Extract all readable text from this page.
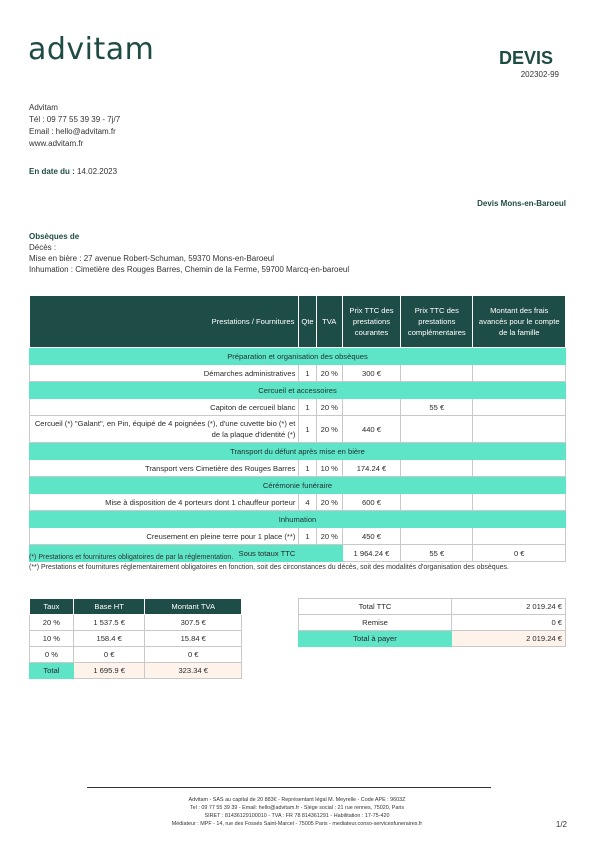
advitam	DEVIS
202302-99
Advitam
Tél : 09 77 55 39 39 - 7j/7
Email : hello@advitam.fr
www.advitam.fr
En date du : 14.02.2023
Devis Mons-en-Baroeul
Obsèques de
Décès :
Mise en bière : 27 avenue Robert-Schuman, 59370 Mons-en-Baroeul
Inhumation : Cimetière des Rouges Barres, Chemin de la Ferme, 59700 Marcq-en-baroeul
Prestations / Fournitures	Qte	TVA	Prix TTC des prestations courantes	Prix TTC des prestations complémentaires	Montant des frais avancés pour le compte de la famille
Préparation et organisation des obsèques					
Démarches administratives	1	20 %	300 €		
Cercueil et accessoires					
Capiton de cercueil blanc	1	20 %		55 €	
Cercueil (*) "Galant", en Pin, équipé de 4 poignées (*), d'une cuvette bio (*) et de la plaque d'identité (*)	1	20 %	440 €		
Transport du défunt après mise en bière					
Transport vers Cimetière des Rouges Barres	1	10 %	174.24 €		
Cérémonie funéraire					
Mise à disposition de 4 porteurs dont 1 chauffeur porteur	4	20 %	600 €		
Inhumation					
Creusement en pleine terre pour 1 place (**)	1	20 %	450 €		
Sous totaux TTC			1 964.24 €	55 €	0 €
(*) Prestations et fournitures obligatoires de par la réglementation.
(**) Prestations et fournitures réglementairement obligatoires en fonction, soit des circonstances du décès, soit des modalités d'organisation des obsèques.
Taux	Base HT	Montant TVA
20 %	1 537.5 €	307.5 €
10 %	158.4 €	15.84 €
0 %	0 €	0 €
Total	1 695.9 €	323.34 €
Total TTC	2 019.24 €
Remise	0 €
Total à payer	2 019.24 €
Advitam - SAS au capital de 20 883€ - Représentant légal M. Meyrelle - Code APE : 9603Z
Tel : 09 77 55 39 39 - Email: hello@advitam.fr - Siège social : 21 rue rennes, 75020, Paris
SIRET : 81436129100010 - TVA : FR 78 814361291 - Habilitation : 17-75-420
Médiateur : MPF - 14, rue des Fossés Saint-Marcel - 75005 Paris - mediateur.conso-servicesfuneraires.fr	1/2
